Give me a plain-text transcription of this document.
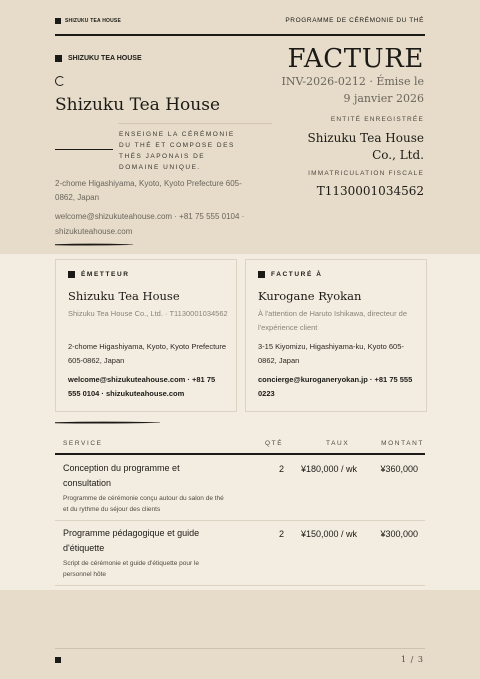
SHIZUKU TEA HOUSE	PROGRAMME DE CÉRÉMONIE DU THÉ
SHIZUKU TEA HOUSE
Shizuku Tea House
ENSEIGNE LA CÉRÉMONIE DU THÉ ET COMPOSE DES THÉS JAPONAIS DE DOMAINE UNIQUE.
2-chome Higashiyama, Kyoto, Kyoto Prefecture 605-0862, Japan
welcome@shizukuteahouse.com · +81 75 555 0104 · shizukuteahouse.com
FACTURE
INV-2026-0212 · Émise le 9 janvier 2026
ENTITÉ ENREGISTRÉE
Shizuku Tea House Co., Ltd.
IMMATRICULATION FISCALE
T1130001034562
ÉMETTEUR
Shizuku Tea House
Shizuku Tea House Co., Ltd. · T1130001034562
2-chome Higashiyama, Kyoto, Kyoto Prefecture 605-0862, Japan
welcome@shizukuteahouse.com · +81 75 555 0104 · shizukuteahouse.com
FACTURÉ À
Kurogane Ryokan
À l'attention de Haruto Ishikawa, directeur de l'expérience client
3-15 Kiyomizu, Higashiyama-ku, Kyoto 605-0862, Japan
concierge@kuroganeryokan.jp · +81 75 555 0223
SERVICE	QTÉ	TAUX	MONTANT
Conception du programme et consultation
Programme de cérémonie conçu autour du salon de thé et du rythme du séjour des clients
2	¥180,000 / wk	¥360,000
Programme pédagogique et guide d'étiquette
Script de cérémonie et guide d'étiquette pour le personnel hôte
2	¥150,000 / wk	¥300,000
1 / 3
